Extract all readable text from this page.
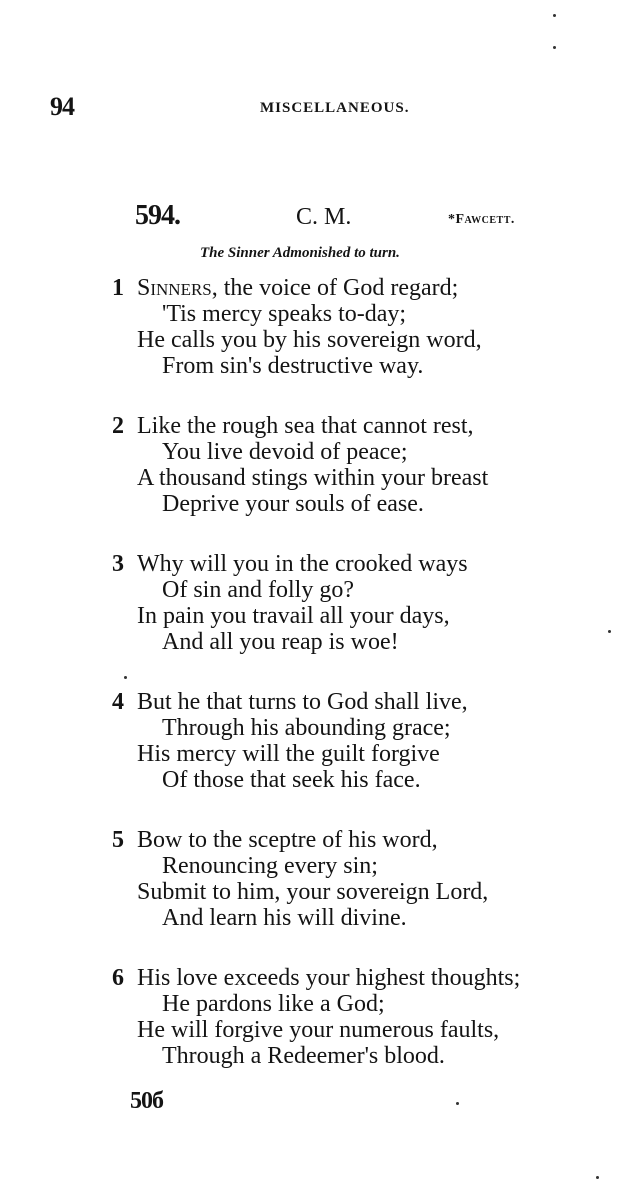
94	MISCELLANEOUS.
594.	C. M.	*Fawcett.
The Sinner Admonished to turn.
1 Sinners, the voice of God regard;
'Tis mercy speaks to-day;
He calls you by his sovereign word,
From sin's destructive way.
2 Like the rough sea that cannot rest,
You live devoid of peace;
A thousand stings within your breast
Deprive your souls of ease.
3 Why will you in the crooked ways
Of sin and folly go?
In pain you travail all your days,
And all you reap is woe!
4 But he that turns to God shall live,
Through his abounding grace;
His mercy will the guilt forgive
Of those that seek his face.
5 Bow to the sceptre of his word,
Renouncing every sin;
Submit to him, your sovereign Lord,
And learn his will divine.
6 His love exceeds your highest thoughts;
He pardons like a God;
He will forgive your numerous faults,
Through a Redeemer's blood.
50б
